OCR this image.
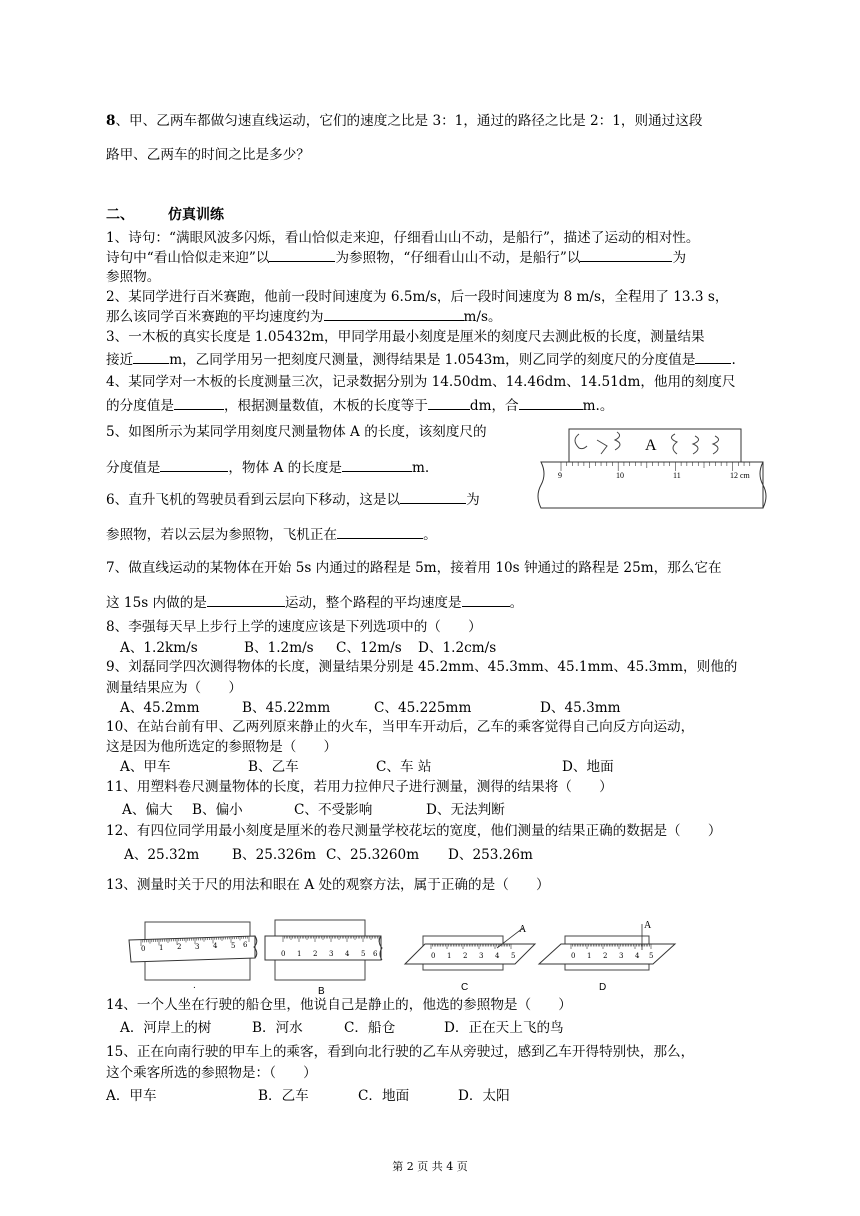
8、甲、乙两车都做匀速直线运动，它们的速度之比是 3：1，通过的路径之比是 2：1，则通过这段
路甲、乙两车的时间之比是多少？
二、 仿真训练
1、诗句：“满眼风波多闪烁，看山恰似走来迎，仔细看山山不动，是船行”，描述了运动的相对性。
诗句中“看山恰似走来迎”以	为参照物，“仔细看山山不动，是船行”以	为
参照物。
2、某同学进行百米赛跑，他前一段时间速度为 6.5m/s，后一段时间速度为 8 m/s，全程用了 13.3 s，
那么该同学百米赛跑的平均速度约为	m/s。
3、一木板的真实长度是 1.05432m，甲同学用最小刻度是厘米的刻度尺去测此板的长度，测量结果
接近	m，乙同学用另一把刻度尺测量，测得结果是 1.0543m，则乙同学的刻度尺的分度值是	.
4、某同学对一木板的长度测量三次，记录数据分别为 14.50dm、14.46dm、14.51dm，他用的刻度尺
的分度值是	，根据测量数值，木板的长度等于	dm，合	m.。
5、如图所示为某同学用刻度尺测量物体 A 的长度，该刻度尺的
分度值是	，物体 A 的长度是	m.
A
9	10	11	12 cm
6、直升飞机的驾驶员看到云层向下移动，这是以	为
参照物，若以云层为参照物，飞机正在	。
7、做直线运动的某物体在开始 5s 内通过的路程是 5m，接着用 10s 钟通过的路程是 25m，那么它在
这 15s 内做的是	运动，整个路程的平均速度是	。
8、李强每天早上步行上学的速度应该是下列选项中的（　　）
A、1.2km/s	B、1.2m/s C、12m/s D、1.2cm/s
9、刘磊同学四次测得物体的长度，测量结果分别是 45.2mm、45.3mm、45.1mm、45.3mm，则他的
测量结果应为（　　）
A、45.2mm	B、45.22mm	C、45.225mm	D、45.3mm
10、在站台前有甲、乙两列原来静止的火车，当甲车开动后，乙车的乘客觉得自己向反方向运动，
这是因为他所选定的参照物是（　　）
A、甲车	B、乙车	C、车 站	D、地面
11、用塑料卷尺测量物体的长度，若用力拉伸尺子进行测量，测得的结果将（　　）
A、偏大 B、偏小	C、不受影响	D、无法判断
12、有四位同学用最小刻度是厘米的卷尺测量学校花坛的宽度，他们测量的结果正确的数据是（　　）
A、25.32m B、25.326m C、25.3260m D、253.26m
13、测量时关于尺的用法和眼在 A 处的观察方法，属于正确的是（　　）
0 1 2 3 4 5 6
0 1 2 3 4 5 6	0 1 2 3 4 5
A
0 1 2 3 4 5
A
.
B	C	D
14、一个人坐在行驶的船仓里，他说自己是静止的，他选的参照物是（　　）
A．河岸上的树	B．河水	C．船仓	D．正在天上飞的鸟
15、正在向南行驶的甲车上的乘客，看到向北行驶的乙车从旁驶过，感到乙车开得特别快，那么，
这个乘客所选的参照物是：（　　）
A．甲车	B．乙车	C．地面	D．太阳
第 2 页 共 4 页
